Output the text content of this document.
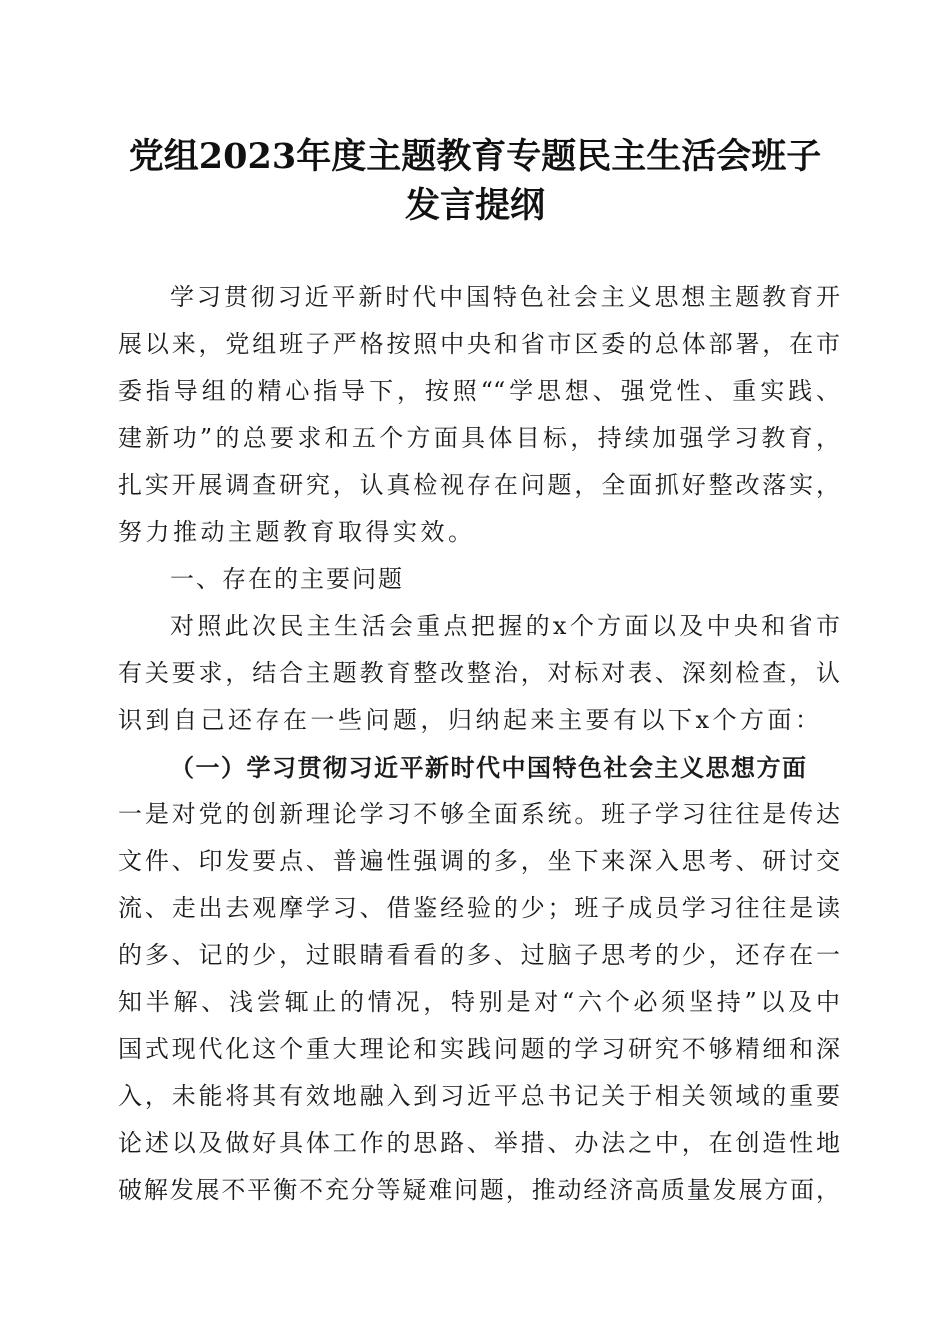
党组2023年度主题教育专题民主生活会班子
发言提纲
学习贯彻习近平新时代中国特色社会主义思想主题教育开
展以来，党组班子严格按照中央和省市区委的总体部署，在市
委指导组的精心指导下，按照““学思想、强党性、重实践、
建新功”的总要求和五个方面具体目标，持续加强学习教育，
扎实开展调查研究，认真检视存在问题，全面抓好整改落实，
努力推动主题教育取得实效。
一、存在的主要问题
对照此次民主生活会重点把握的x个方面以及中央和省市
有关要求，结合主题教育整改整治，对标对表、深刻检查，认
识到自己还存在一些问题，归纳起来主要有以下x个方面：
（一）学习贯彻习近平新时代中国特色社会主义思想方面
一是对党的创新理论学习不够全面系统。班子学习往往是传达
文件、印发要点、普遍性强调的多，坐下来深入思考、研讨交
流、走出去观摩学习、借鉴经验的少；班子成员学习往往是读
的多、记的少，过眼睛看看的多、过脑子思考的少，还存在一
知半解、浅尝辄止的情况，特别是对“六个必须坚持”以及中
国式现代化这个重大理论和实践问题的学习研究不够精细和深
入，未能将其有效地融入到习近平总书记关于相关领域的重要
论述以及做好具体工作的思路、举措、办法之中，在创造性地
破解发展不平衡不充分等疑难问题，推动经济高质量发展方面，
